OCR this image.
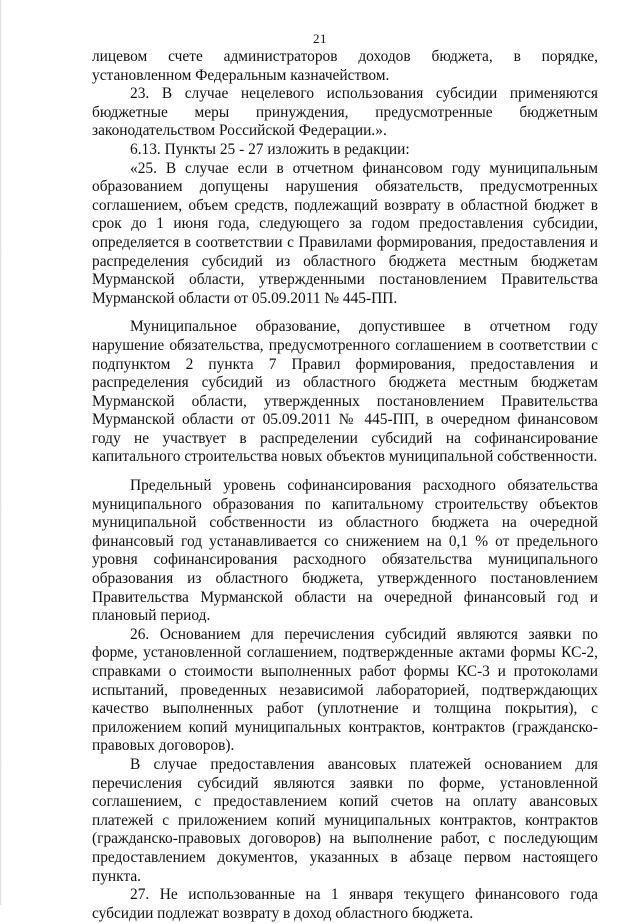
21

лицевом счете администраторов доходов бюджета, в порядке, установленном Федеральным казначейством.

23. В случае нецелевого использования субсидии применяются бюджетные меры принуждения, предусмотренные бюджетным законодательством Российской Федерации.».

6.13. Пункты 25 - 27 изложить в редакции:

«25. В случае если в отчетном финансовом году муниципальным образованием допущены нарушения обязательств, предусмотренных соглашением, объем средств, подлежащий возврату в областной бюджет в срок до 1 июня года, следующего за годом предоставления субсидии, определяется в соответствии с Правилами формирования, предоставления и распределения субсидий из областного бюджета местным бюджетам Мурманской области, утвержденными постановлением Правительства Мурманской области от 05.09.2011 № 445-ПП.

Муниципальное образование, допустившее в отчетном году нарушение обязательства, предусмотренного соглашением в соответствии с подпунктом 2 пункта 7 Правил формирования, предоставления и распределения субсидий из областного бюджета местным бюджетам Мурманской области, утвержденных постановлением Правительства Мурманской области от 05.09.2011 № 445-ПП, в очередном финансовом году не участвует в распределении субсидий на софинансирование капитального строительства новых объектов муниципальной собственности.

Предельный уровень софинансирования расходного обязательства муниципального образования по капитальному строительству объектов муниципальной собственности из областного бюджета на очередной финансовый год устанавливается со снижением на 0,1 % от предельного уровня софинансирования расходного обязательства муниципального образования из областного бюджета, утвержденного постановлением Правительства Мурманской области на очередной финансовый год и плановый период.

26. Основанием для перечисления субсидий являются заявки по форме, установленной соглашением, подтвержденные актами формы КС-2, справками о стоимости выполненных работ формы КС-3 и протоколами испытаний, проведенных независимой лабораторией, подтверждающих качество выполненных работ (уплотнение и толщина покрытия), с приложением копий муниципальных контрактов, контрактов (гражданско-правовых договоров).

В случае предоставления авансовых платежей основанием для перечисления субсидий являются заявки по форме, установленной соглашением, с предоставлением копий счетов на оплату авансовых платежей с приложением копий муниципальных контрактов, контрактов (гражданско-правовых договоров) на выполнение работ, с последующим предоставлением документов, указанных в абзаце первом настоящего пункта.

27. Не использованные на 1 января текущего финансового года субсидии подлежат возврату в доход областного бюджета.
